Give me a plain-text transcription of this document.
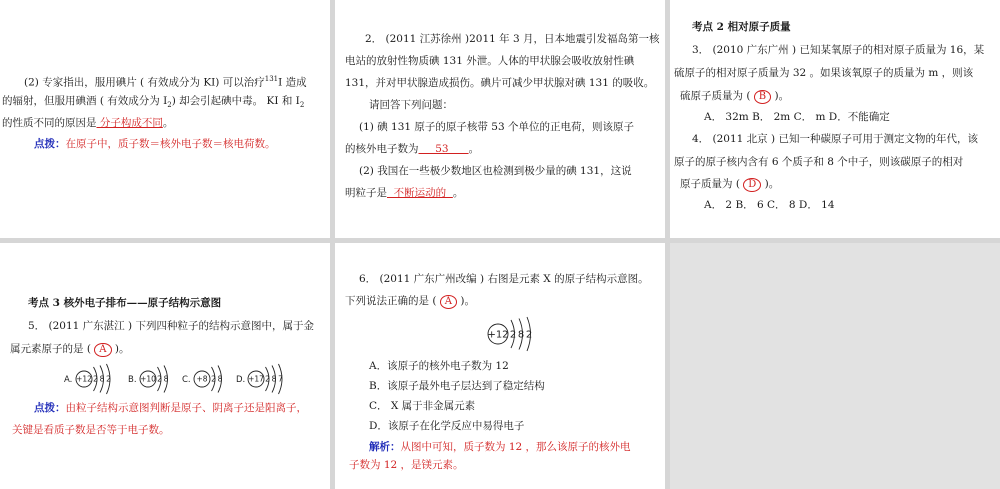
(2) 专家指出，服用碘片 ( 有效成分为 KI) 可以治疗$^{131}$I 造成
的辐射，但服用碘酒 ( 有效成分为 $I_2$) 却会引起碘中毒。 KI 和 $I_2$
的性质不同的原因是 分子构成不同。
点拨：在原子中，质子数＝核外电子数＝核电荷数。
2． (2011 江苏徐州 )2011 年 3 月，日本地震引发福岛第一核
电站的放射性物质碘 131 外泄。人体的甲状腺会吸收放射性碘
131，并对甲状腺造成损伤。碘片可减少甲状腺对碘 131 的吸收。
请回答下列问题：
(1) 碘 131 原子的原子核带 53 个单位的正电荷，则该原子
的核外电子数为     53      。
(2) 我国在一些极少数地区也检测到极少量的碘 131，这说
明粒子是  不断运动的  。
考点 2 相对原子质量
3． (2010 广东广州 ) 已知某氧原子的相对原子质量为 16，某
硫原子的相对原子质量为 32 。如果该氧原子的质量为 m ，则该
硫原子质量为 ( B )。
A． 32m B． 2m C． m D．不能确定
4． (2011 北京 ) 已知一种碳原子可用于测定文物的年代，该
原子的原子核内含有 6 个质子和 8 个中子，则该碳原子的相对
原子质量为 ( D )。
A． 2 B． 6 C． 8 D． 14
考点 3 核外电子排布——原子结构示意图
5． (2011 广东湛江 ) 下列四种粒子的结构示意图中，属于金
属元素原子的是 ( A )。
A. +12 2 8 2 B. +10 2 8 C. +8 2 8 D. +17 2 8 7
点拨：由粒子结构示意图判断是原子、阴离子还是阳离子，
关键是看质子数是否等于电子数。
6． (2011 广东广州改编 ) 右图是元素 X 的原子结构示意图。
下列说法正确的是 ( A )。
+12 2 8 2
A．该原子的核外电子数为 12
B．该原子最外电子层达到了稳定结构
C． X 属于非金属元素
D．该原子在化学反应中易得电子
解析：从图中可知，质子数为 12 ，那么该原子的核外电
子数为 12 ，是镁元素。
